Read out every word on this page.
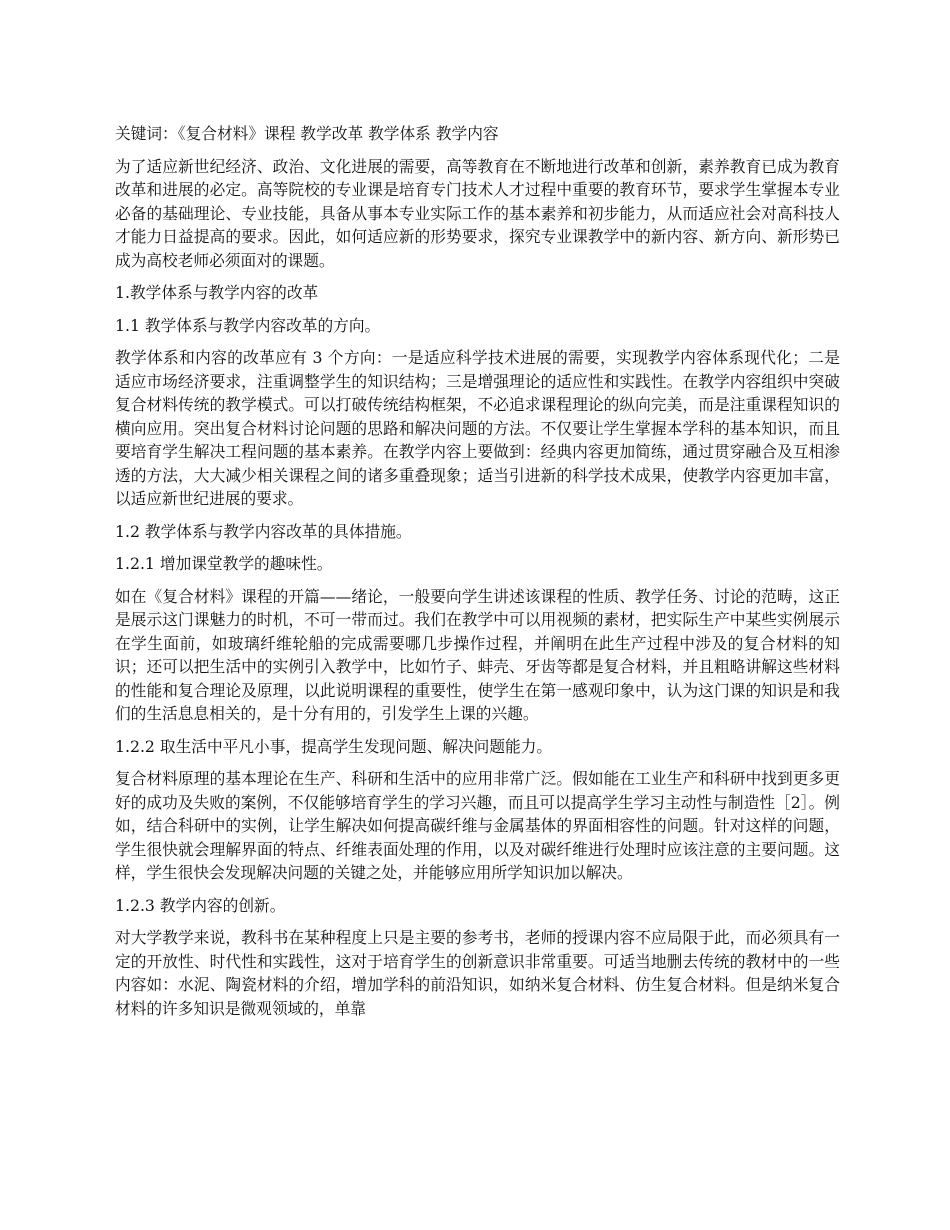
关键词：《复合材料》课程 教学改革 教学体系 教学内容

为了适应新世纪经济、政治、文化进展的需要，高等教育在不断地进行改革和创新，素养教育已成为教育改革和进展的必定。高等院校的专业课是培育专门技术人才过程中重要的教育环节，要求学生掌握本专业必备的基础理论、专业技能，具备从事本专业实际工作的基本素养和初步能力，从而适应社会对高科技人才能力日益提高的要求。因此，如何适应新的形势要求，探究专业课教学中的新内容、新方向、新形势已成为高校老师必须面对的课题。

1.教学体系与教学内容的改革

1.1 教学体系与教学内容改革的方向。

教学体系和内容的改革应有 3 个方向：一是适应科学技术进展的需要，实现教学内容体系现代化；二是适应市场经济要求，注重调整学生的知识结构；三是增强理论的适应性和实践性。在教学内容组织中突破复合材料传统的教学模式。可以打破传统结构框架，不必追求课程理论的纵向完美，而是注重课程知识的横向应用。突出复合材料讨论问题的思路和解决问题的方法。不仅要让学生掌握本学科的基本知识，而且要培育学生解决工程问题的基本素养。在教学内容上要做到：经典内容更加简练，通过贯穿融合及互相渗透的方法，大大减少相关课程之间的诸多重叠现象；适当引进新的科学技术成果，使教学内容更加丰富，以适应新世纪进展的要求。

1.2 教学体系与教学内容改革的具体措施。

1.2.1 增加课堂教学的趣味性。

如在《复合材料》课程的开篇——绪论，一般要向学生讲述该课程的性质、教学任务、讨论的范畴，这正是展示这门课魅力的时机，不可一带而过。我们在教学中可以用视频的素材，把实际生产中某些实例展示在学生面前，如玻璃纤维轮船的完成需要哪几步操作过程，并阐明在此生产过程中涉及的复合材料的知识；还可以把生活中的实例引入教学中，比如竹子、蚌壳、牙齿等都是复合材料，并且粗略讲解这些材料的性能和复合理论及原理，以此说明课程的重要性，使学生在第一感观印象中，认为这门课的知识是和我们的生活息息相关的，是十分有用的，引发学生上课的兴趣。

1.2.2 取生活中平凡小事，提高学生发现问题、解决问题能力。

复合材料原理的基本理论在生产、科研和生活中的应用非常广泛。假如能在工业生产和科研中找到更多更好的成功及失败的案例，不仅能够培育学生的学习兴趣，而且可以提高学生学习主动性与制造性［2］。例如，结合科研中的实例，让学生解决如何提高碳纤维与金属基体的界面相容性的问题。针对这样的问题，学生很快就会理解界面的特点、纤维表面处理的作用，以及对碳纤维进行处理时应该注意的主要问题。这样，学生很快会发现解决问题的关键之处，并能够应用所学知识加以解决。

1.2.3 教学内容的创新。

对大学教学来说，教科书在某种程度上只是主要的参考书，老师的授课内容不应局限于此，而必须具有一定的开放性、时代性和实践性，这对于培育学生的创新意识非常重要。可适当地删去传统的教材中的一些内容如：水泥、陶瓷材料的介绍，增加学科的前沿知识，如纳米复合材料、仿生复合材料。但是纳米复合材料的许多知识是微观领域的，单靠
